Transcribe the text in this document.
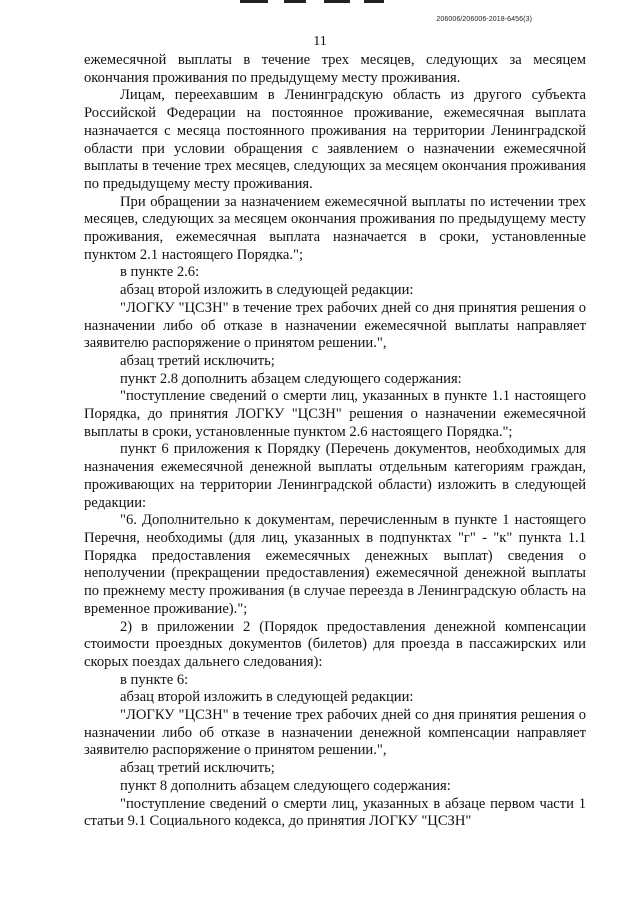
206006/206006-2018-6456(3)
11

ежемесячной выплаты в течение трех месяцев, следующих за месяцем окончания проживания по предыдущему месту проживания.

Лицам, переехавшим в Ленинградскую область из другого субъекта Российской Федерации на постоянное проживание, ежемесячная выплата назначается с месяца постоянного проживания на территории Ленинградской области при условии обращения с заявлением о назначении ежемесячной выплаты в течение трех месяцев, следующих за месяцем окончания проживания по предыдущему месту проживания.

При обращении за назначением ежемесячной выплаты по истечении трех месяцев, следующих за месяцем окончания проживания по предыдущему месту проживания, ежемесячная выплата назначается в сроки, установленные пунктом 2.1 настоящего Порядка.";

в пункте 2.6:

абзац второй изложить в следующей редакции:

"ЛОГКУ "ЦСЗН" в течение трех рабочих дней со дня принятия решения о назначении либо об отказе в назначении ежемесячной выплаты направляет заявителю распоряжение о принятом решении.",

абзац третий исключить;

пункт 2.8 дополнить абзацем следующего содержания:

"поступление сведений о смерти лиц, указанных в пункте 1.1 настоящего Порядка, до принятия ЛОГКУ "ЦСЗН" решения о назначении ежемесячной выплаты в сроки, установленные пунктом 2.6 настоящего Порядка.";

пункт 6 приложения к Порядку (Перечень документов, необходимых для назначения ежемесячной денежной выплаты отдельным категориям граждан, проживающих на территории Ленинградской области) изложить в следующей редакции:

"6. Дополнительно к документам, перечисленным в пункте 1 настоящего Перечня, необходимы (для лиц, указанных в подпунктах "г" - "к" пункта 1.1 Порядка предоставления ежемесячных денежных выплат) сведения о неполучении (прекращении предоставления) ежемесячной денежной выплаты по прежнему месту проживания (в случае переезда в Ленинградскую область на временное проживание).";

2) в приложении 2 (Порядок предоставления денежной компенсации стоимости проездных документов (билетов) для проезда в пассажирских или скорых поездах дальнего следования):

в пункте 6:

абзац второй изложить в следующей редакции:

"ЛОГКУ "ЦСЗН" в течение трех рабочих дней со дня принятия решения о назначении либо об отказе в назначении денежной компенсации направляет заявителю распоряжение о принятом решении.",

абзац третий исключить;

пункт 8 дополнить абзацем следующего содержания:

"поступление сведений о смерти лиц, указанных в абзаце первом части 1 статьи 9.1 Социального кодекса, до принятия ЛОГКУ "ЦСЗН"
